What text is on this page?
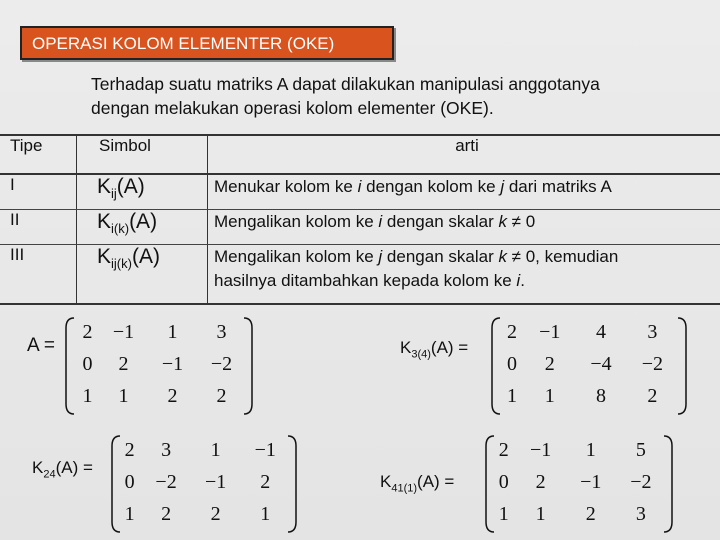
OPERASI KOLOM ELEMENTER (OKE)
Terhadap suatu matriks A dapat dilakukan manipulasi anggotanya
dengan melakukan operasi kolom elementer (OKE).
Tipe	Simbol	arti
I	$K_{ij}(A)$	Menukar kolom ke i dengan kolom ke j dari matriks A
II	$K_{i(k)}(A)$	Mengalikan kolom ke i dengan skalar k ≠ 0
III	$K_{ij(k)}(A)$	Mengalikan kolom ke j dengan skalar k ≠ 0, kemudian
hasilnya ditambahkan kepada kolom ke i.
A =
2	−1	1	3
0	2	−1	−2
1	1	2	2
$K_{3(4)}(A)$ =
2	−1	4	3
0	2	−4	−2
1	1	8	2
$K_{24}(A)$ =
2	3	1	−1
0	−2	−1	2
1	2	2	1
$K_{41(1)}(A)$ =
2	−1	1	5
0	2	−1	−2
1	1	2	3
